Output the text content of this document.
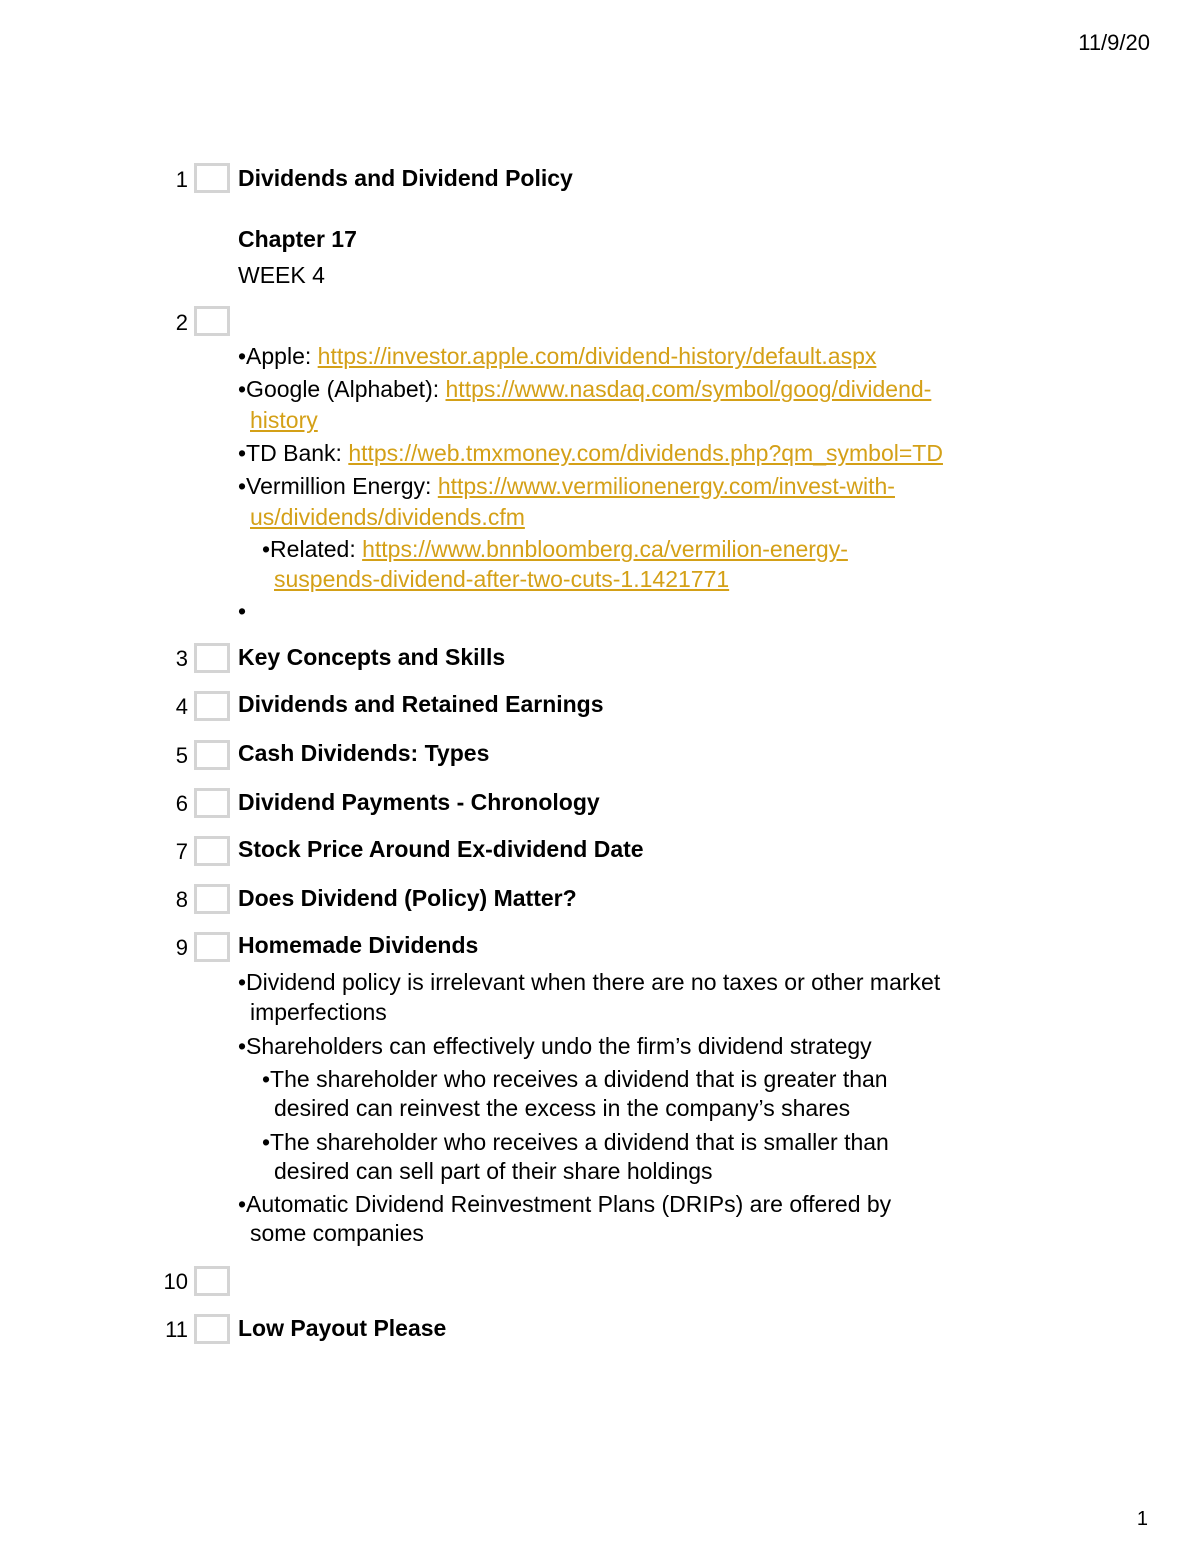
11/9/20
1 Dividends and Dividend Policy
Chapter 17
WEEK 4
2
•Apple: https://investor.apple.com/dividend-history/default.aspx
•Google (Alphabet): https://www.nasdaq.com/symbol/goog/dividend-
history
•TD Bank: https://web.tmxmoney.com/dividends.php?qm_symbol=TD
•Vermillion Energy: https://www.vermilionenergy.com/invest-with-
us/dividends/dividends.cfm
•Related: https://www.bnnbloomberg.ca/vermilion-energy-
suspends-dividend-after-two-cuts-1.1421771
•
3 Key Concepts and Skills
4 Dividends and Retained Earnings
5 Cash Dividends: Types
6 Dividend Payments - Chronology
7 Stock Price Around Ex-dividend Date
8 Does Dividend (Policy) Matter?
9 Homemade Dividends
•Dividend policy is irrelevant when there are no taxes or other market
imperfections
•Shareholders can effectively undo the firm’s dividend strategy
•The shareholder who receives a dividend that is greater than
desired can reinvest the excess in the company’s shares
•The shareholder who receives a dividend that is smaller than
desired can sell part of their share holdings
•Automatic Dividend Reinvestment Plans (DRIPs) are offered by
some companies
10
11 Low Payout Please
1
